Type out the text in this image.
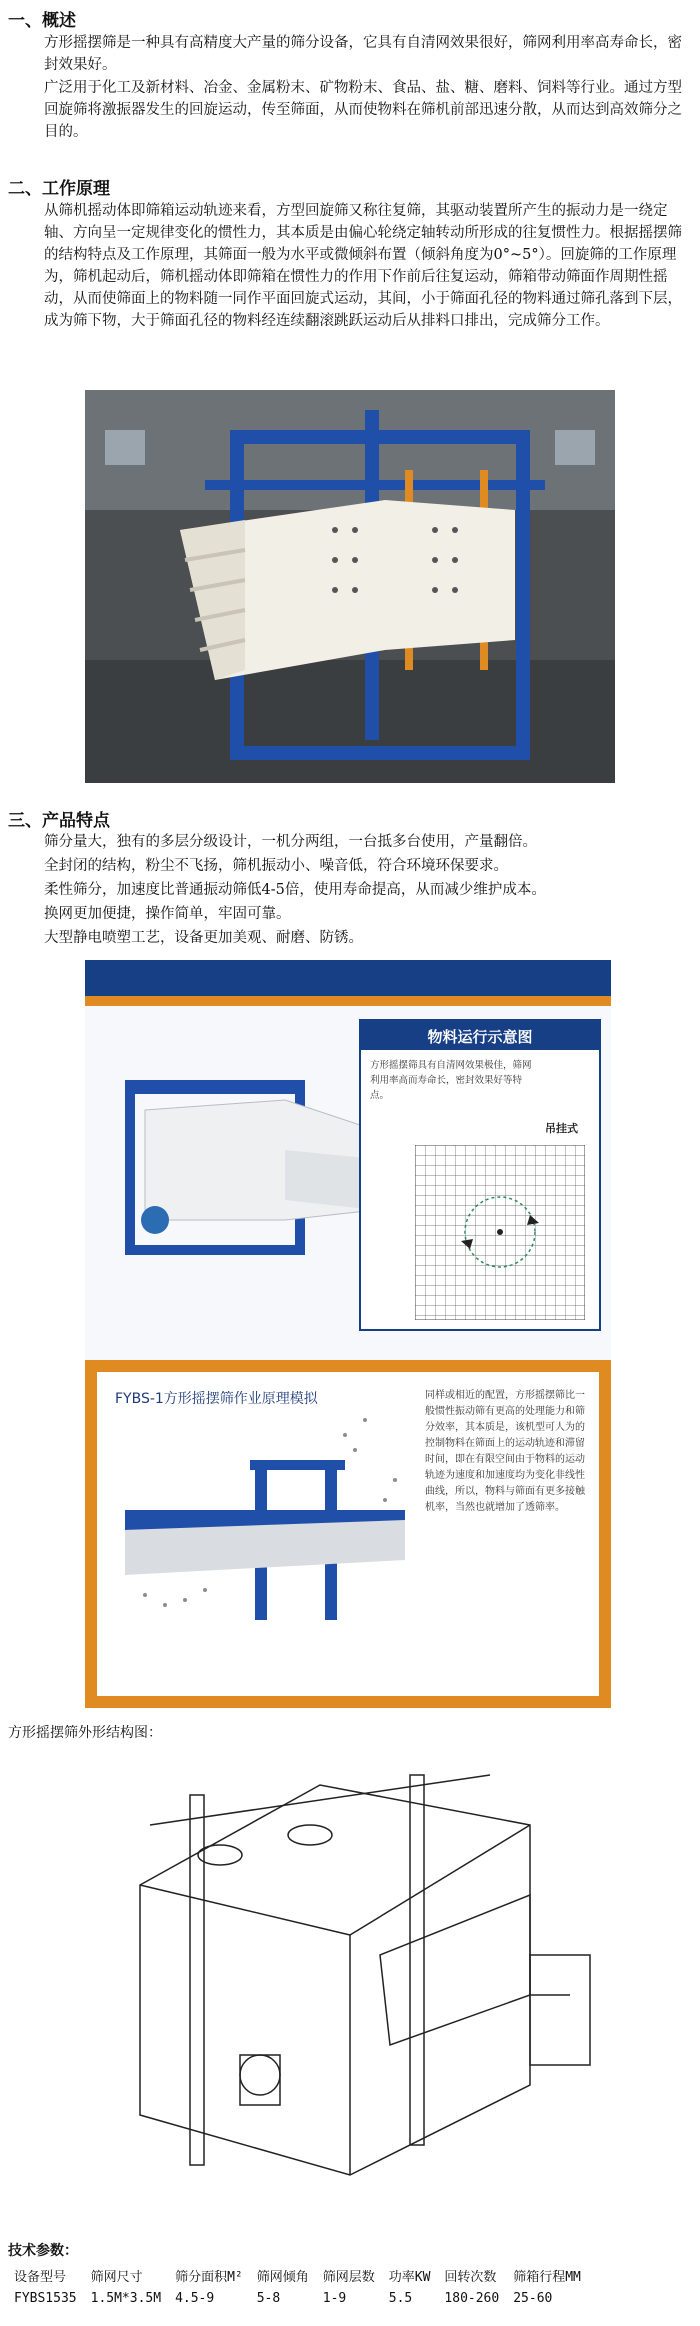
一、概述

方形摇摆筛是一种具有高精度大产量的筛分设备，它具有自清网效果很好，筛网利用率高寿命长，密封效果好。

广泛用于化工及新材料、冶金、金属粉末、矿物粉末、食品、盐、糖、磨料、饲料等行业。通过方型回旋筛将激振器发生的回旋运动，传至筛面，从而使物料在筛机前部迅速分散，从而达到高效筛分之目的。

二、工作原理

从筛机摇动体即筛箱运动轨迹来看，方型回旋筛又称往复筛，其驱动装置所产生的振动力是一绕定轴、方向呈一定规律变化的惯性力，其本质是由偏心轮绕定轴转动所形成的往复惯性力。根据摇摆筛的结构特点及工作原理，其筛面一般为水平或微倾斜布置（倾斜角度为0°~5°）。回旋筛的工作原理为，筛机起动后，筛机摇动体即筛箱在惯性力的作用下作前后往复运动，筛箱带动筛面作周期性摇动，从而使筛面上的物料随一同作平面回旋式运动，其间，小于筛面孔径的物料通过筛孔落到下层，成为筛下物，大于筛面孔径的物料经连续翻滚跳跃运动后从排料口排出，完成筛分工作。

三、产品特点
筛分量大，独有的多层分级设计，一机分两组，一台抵多台使用，产量翻倍。
全封闭的结构，粉尘不飞扬，筛机振动小、噪音低，符合环境环保要求。
柔性筛分，加速度比普通振动筛低4-5倍，使用寿命提高，从而减少维护成本。
换网更加便捷，操作简单，牢固可靠。
大型静电喷塑工艺，设备更加美观、耐磨、防锈。
物料运行示意图
方形摇摆筛具有自清网效果极佳，筛网利用率高而寿命长，密封效果好等特点。
吊挂式
FYBS-1方形摇摆筛作业原理模拟	同样或相近的配置，方形摇摆筛比一般惯性振动筛有更高的处理能力和筛分效率，其本质是，该机型可人为的控制物料在筛面上的运动轨迹和滞留时间，即在有限空间由于物料的运动轨迹为速度和加速度均为变化非线性曲线，所以，物料与筛面有更多接触机率，当然也就增加了透筛率。
方形摇摆筛外形结构图：
技术参数：
设备型号	筛网尺寸	筛分面积M²	筛网倾角	筛网层数	功率KW	回转次数	筛箱行程MM
FYBS1535	1.5M*3.5M	4.5-9	5-8	1-9	5.5	180-260	25-60
